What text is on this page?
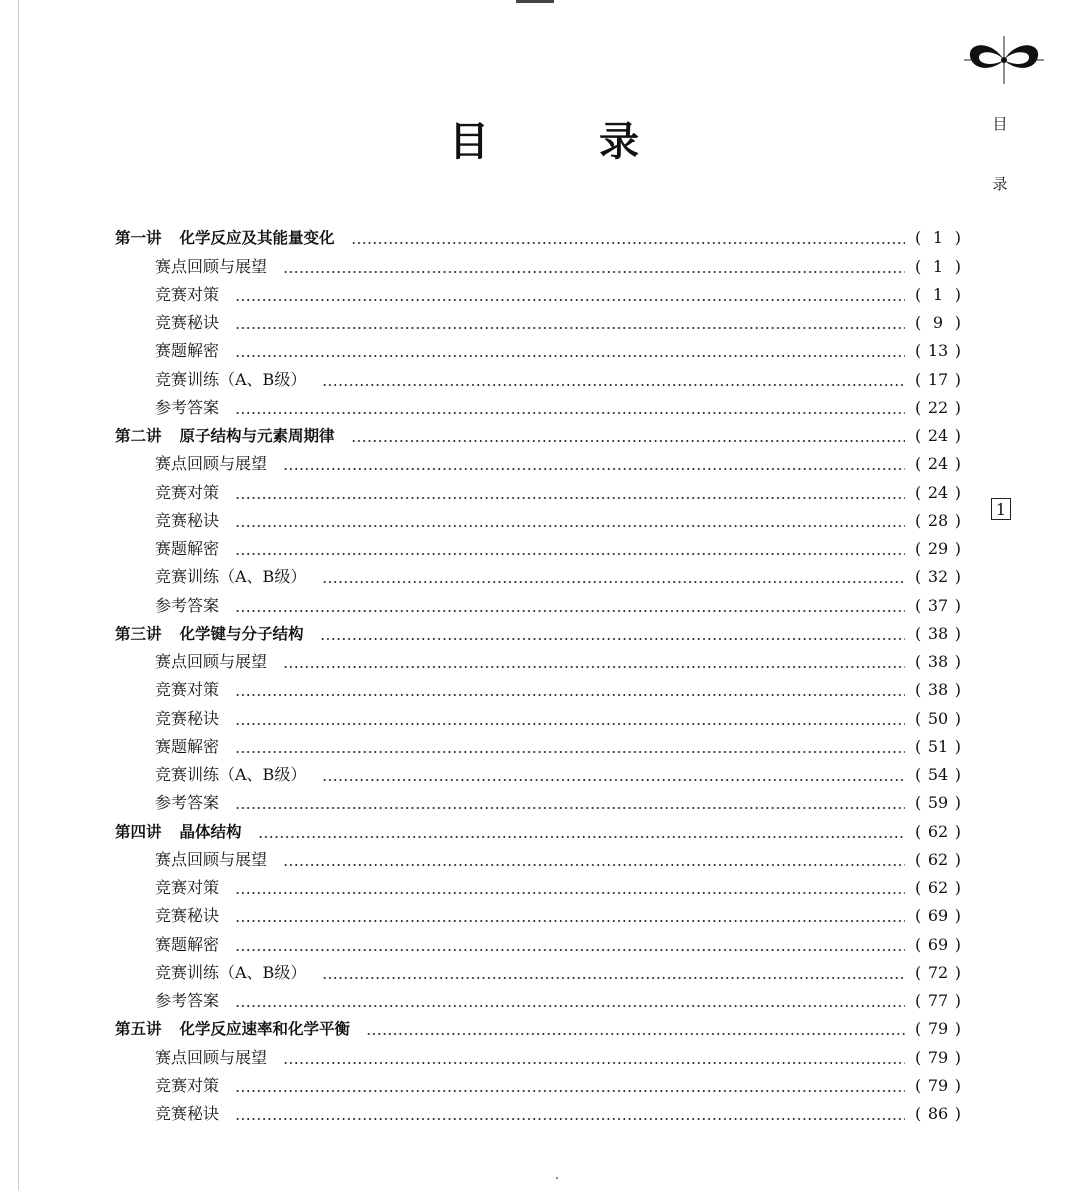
目	录
第一讲 化学反应及其能量变化	( 1 )
赛点回顾与展望	( 1 )
竞赛对策	( 1 )
竞赛秘诀	( 9 )
赛题解密	( 13 )
竞赛训练（A、B级）	( 17 )
参考答案	( 22 )
第二讲 原子结构与元素周期律	( 24 )
赛点回顾与展望	( 24 )
竞赛对策	( 24 )
竞赛秘诀	( 28 )
赛题解密	( 29 )
竞赛训练（A、B级）	( 32 )
参考答案	( 37 )
第三讲 化学键与分子结构	( 38 )
赛点回顾与展望	( 38 )
竞赛对策	( 38 )
竞赛秘诀	( 50 )
赛题解密	( 51 )
竞赛训练（A、B级）	( 54 )
参考答案	( 59 )
第四讲 晶体结构	( 62 )
赛点回顾与展望	( 62 )
竞赛对策	( 62 )
竞赛秘诀	( 69 )
赛题解密	( 69 )
竞赛训练（A、B级）	( 72 )
参考答案	( 77 )
第五讲 化学反应速率和化学平衡	( 79 )
赛点回顾与展望	( 79 )
竞赛对策	( 79 )
竞赛秘诀	( 86 )
目
录
1
